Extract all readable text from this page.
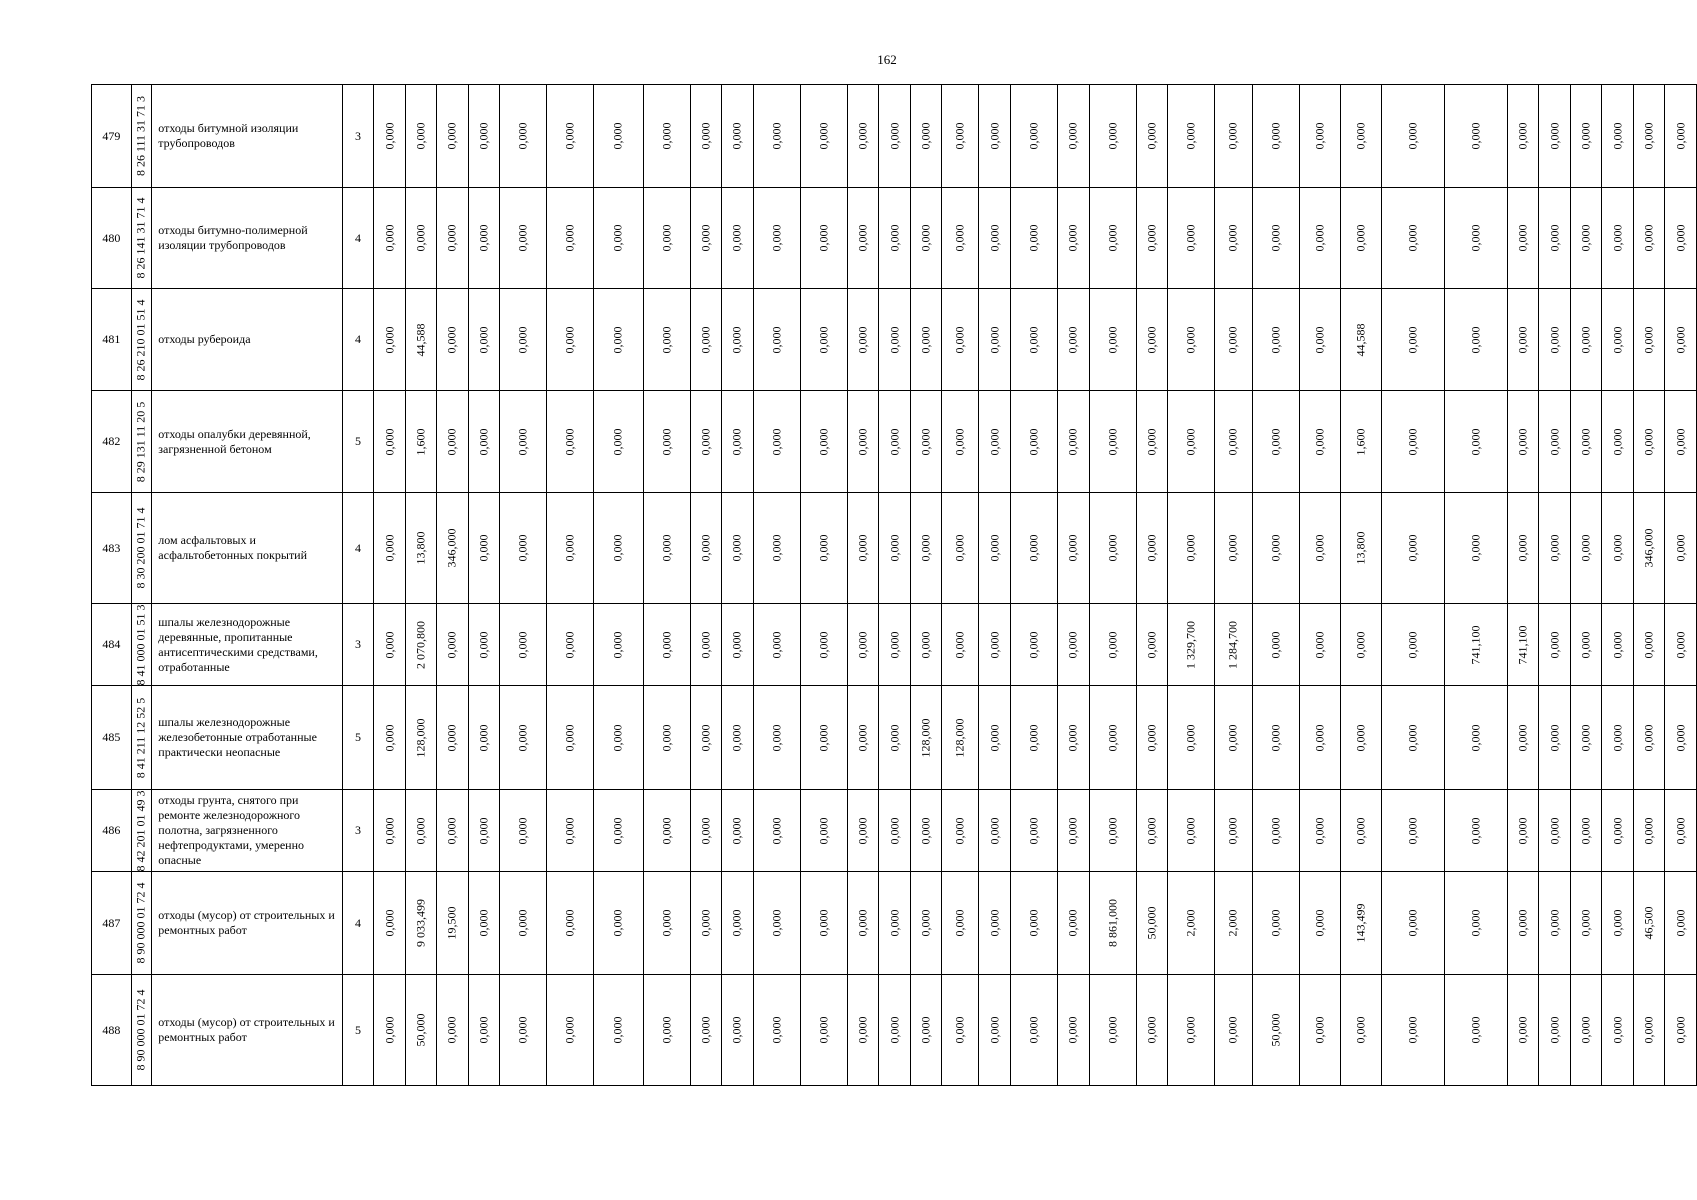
162
479	8 26 111 31 71 3	отходы битумной изоляции трубопроводов	3	0,000	0,000	0,000	0,000	0,000	0,000	0,000	0,000	0,000	0,000	0,000	0,000	0,000	0,000	0,000	0,000	0,000	0,000	0,000	0,000	0,000	0,000	0,000	0,000	0,000	0,000	0,000	0,000	0,000	0,000	0,000	0,000	0,000	0,000

480	8 26 141 31 71 4	отходы битумно-полимерной изоляции трубопроводов	4	0,000	0,000	0,000	0,000	0,000	0,000	0,000	0,000	0,000	0,000	0,000	0,000	0,000	0,000	0,000	0,000	0,000	0,000	0,000	0,000	0,000	0,000	0,000	0,000	0,000	0,000	0,000	0,000	0,000	0,000	0,000	0,000	0,000	0,000

481	8 26 210 01 51 4	отходы рубероида	4	0,000	44,588	0,000	0,000	0,000	0,000	0,000	0,000	0,000	0,000	0,000	0,000	0,000	0,000	0,000	0,000	0,000	0,000	0,000	0,000	0,000	0,000	0,000	0,000	0,000	44,588	0,000	0,000	0,000	0,000	0,000	0,000	0,000	0,000

482	8 29 131 11 20 5	отходы опалубки деревянной, загрязненной бетоном	5	0,000	1,600	0,000	0,000	0,000	0,000	0,000	0,000	0,000	0,000	0,000	0,000	0,000	0,000	0,000	0,000	0,000	0,000	0,000	0,000	0,000	0,000	0,000	0,000	0,000	1,600	0,000	0,000	0,000	0,000	0,000	0,000	0,000	0,000

483	8 30 200 01 71 4	лом асфальтовых и асфальтобетонных покрытий	4	0,000	13,800	346,000	0,000	0,000	0,000	0,000	0,000	0,000	0,000	0,000	0,000	0,000	0,000	0,000	0,000	0,000	0,000	0,000	0,000	0,000	0,000	0,000	0,000	0,000	13,800	0,000	0,000	0,000	0,000	0,000	0,000	346,000	0,000

484	8 41 000 01 51 3	шпалы железнодорожные деревянные, пропитанные антисептическими средствами, отработанные	3	0,000	2 070,800	0,000	0,000	0,000	0,000	0,000	0,000	0,000	0,000	0,000	0,000	0,000	0,000	0,000	0,000	0,000	0,000	0,000	0,000	0,000	1 329,700	1 284,700	0,000	0,000	0,000	0,000	741,100	741,100	0,000	0,000	0,000	0,000	0,000

485	8 41 211 12 52 5	шпалы железнодорожные железобетонные отработанные практически неопасные	5	0,000	128,000	0,000	0,000	0,000	0,000	0,000	0,000	0,000	0,000	0,000	0,000	0,000	0,000	128,000	128,000	0,000	0,000	0,000	0,000	0,000	0,000	0,000	0,000	0,000	0,000	0,000	0,000	0,000	0,000	0,000	0,000	0,000	0,000

486	8 42 201 01 49 3	отходы грунта, снятого при ремонте железнодорожного полотна, загрязненного нефтепродуктами, умеренно опасные	3	0,000	0,000	0,000	0,000	0,000	0,000	0,000	0,000	0,000	0,000	0,000	0,000	0,000	0,000	0,000	0,000	0,000	0,000	0,000	0,000	0,000	0,000	0,000	0,000	0,000	0,000	0,000	0,000	0,000	0,000	0,000	0,000	0,000	0,000

487	8 90 000 01 72 4	отходы (мусор) от строительных и ремонтных работ	4	0,000	9 033,499	19,500	0,000	0,000	0,000	0,000	0,000	0,000	0,000	0,000	0,000	0,000	0,000	0,000	0,000	0,000	0,000	0,000	8 861,000	50,000	2,000	2,000	0,000	0,000	143,499	0,000	0,000	0,000	0,000	0,000	0,000	46,500	0,000

488	8 90 000 01 72 4	отходы (мусор) от строительных и ремонтных работ	5	0,000	50,000	0,000	0,000	0,000	0,000	0,000	0,000	0,000	0,000	0,000	0,000	0,000	0,000	0,000	0,000	0,000	0,000	0,000	0,000	0,000	0,000	0,000	50,000	0,000	0,000	0,000	0,000	0,000	0,000	0,000	0,000	0,000	0,000
